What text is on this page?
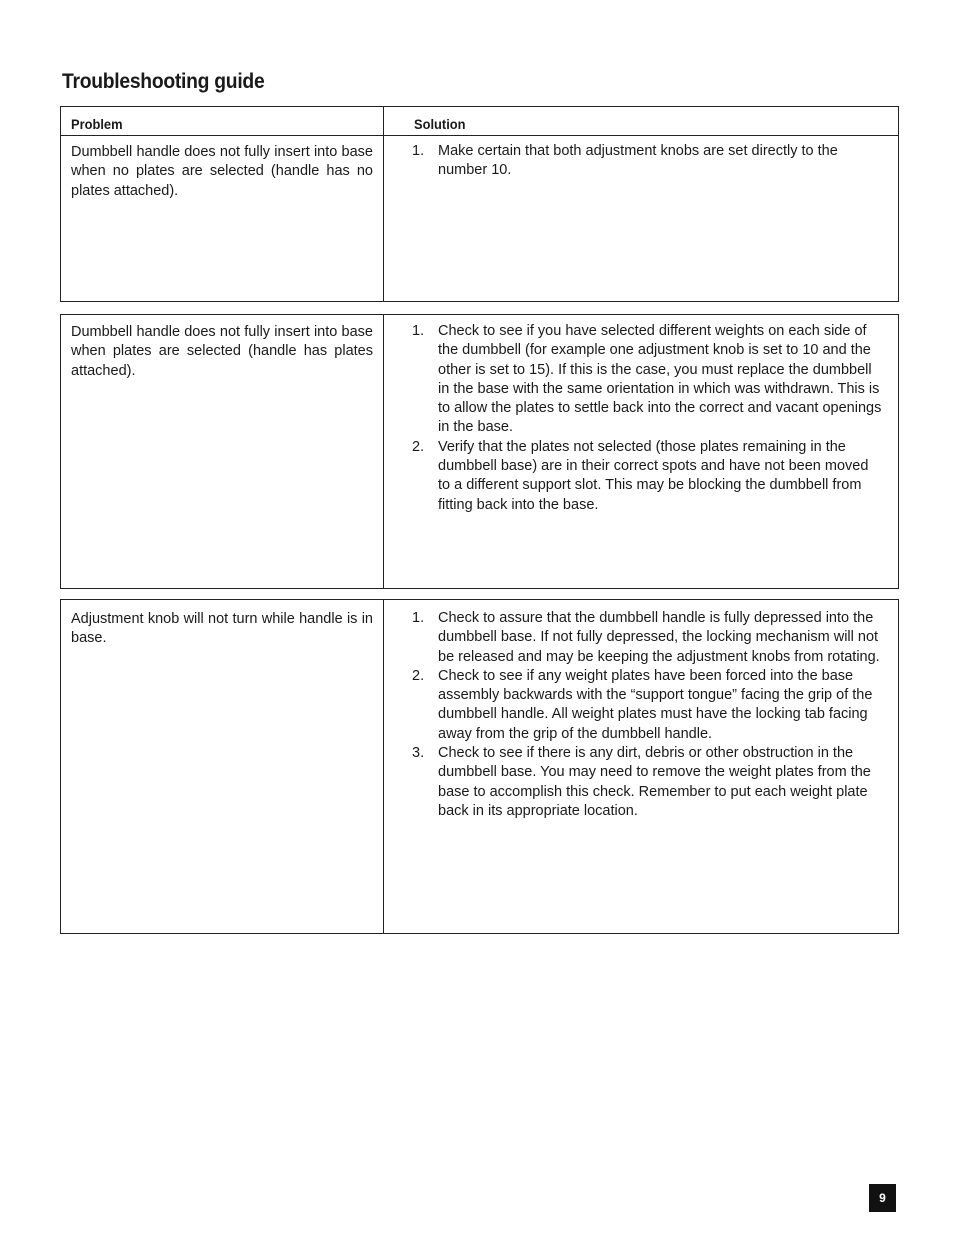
Troubleshooting guide
Problem	Solution
Dumbbell handle does not fully insert into base when no plates are selected (handle has no plates attached).
1. Make certain that both adjustment knobs are set directly to the number 10.
Dumbbell handle does not fully insert into base when plates are selected (handle has plates attached).
1. Check to see if you have selected different weights on each side of the dumbbell (for example one adjustment knob is set to 10 and the other is set to 15). If this is the case, you must replace the dumbbell in the base with the same orientation in which was withdrawn. This is to allow the plates to settle back into the correct and vacant openings in the base.
2. Verify that the plates not selected (those plates remaining in the dumbbell base) are in their correct spots and have not been moved to a different support slot. This may be blocking the dumbbell from fitting back into the base.
Adjustment knob will not turn while handle is in base.
1. Check to assure that the dumbbell handle is fully depressed into the dumbbell base. If not fully depressed, the locking mechanism will not be released and may be keeping the adjustment knobs from rotating.
2. Check to see if any weight plates have been forced into the base assembly backwards with the “support tongue” facing the grip of the dumbbell handle. All weight plates must have the locking tab facing away from the grip of the dumbbell handle.
3. Check to see if there is any dirt, debris or other obstruction in the dumbbell base. You may need to remove the weight plates from the base to accomplish this check. Remember to put each weight plate back in its appropriate location.
9
